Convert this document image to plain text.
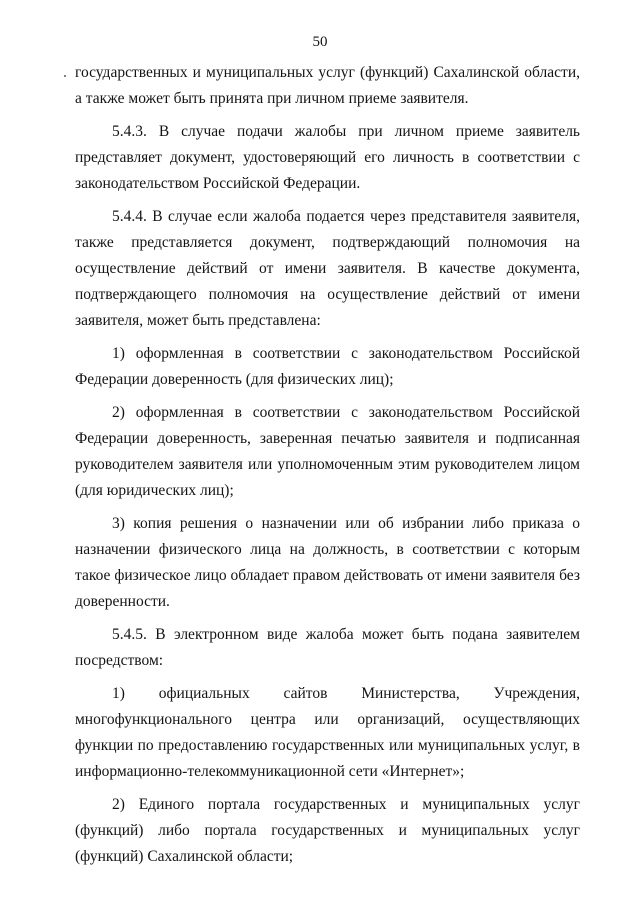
50

государственных и муниципальных услуг (функций) Сахалинской области, а также может быть принята при личном приеме заявителя.

5.4.3. В случае подачи жалобы при личном приеме заявитель представляет документ, удостоверяющий его личность в соответствии с законодательством Российской Федерации.

5.4.4. В случае если жалоба подается через представителя заявителя, также представляется документ, подтверждающий полномочия на осуществление действий от имени заявителя. В качестве документа, подтверждающего полномочия на осуществление действий от имени заявителя, может быть представлена:

1) оформленная в соответствии с законодательством Российской Федерации доверенность (для физических лиц);

2) оформленная в соответствии с законодательством Российской Федерации доверенность, заверенная печатью заявителя и подписанная руководителем заявителя или уполномоченным этим руководителем лицом (для юридических лиц);

3) копия решения о назначении или об избрании либо приказа о назначении физического лица на должность, в соответствии с которым такое физическое лицо обладает правом действовать от имени заявителя без доверенности.

5.4.5. В электронном виде жалоба может быть подана заявителем посредством:

1) официальных сайтов Министерства, Учреждения, многофункционального центра или организаций, осуществляющих функции по предоставлению государственных или муниципальных услуг, в информационно-телекоммуникационной сети «Интернет»;

2) Единого портала государственных и муниципальных услуг (функций) либо портала государственных и муниципальных услуг (функций) Сахалинской области;
